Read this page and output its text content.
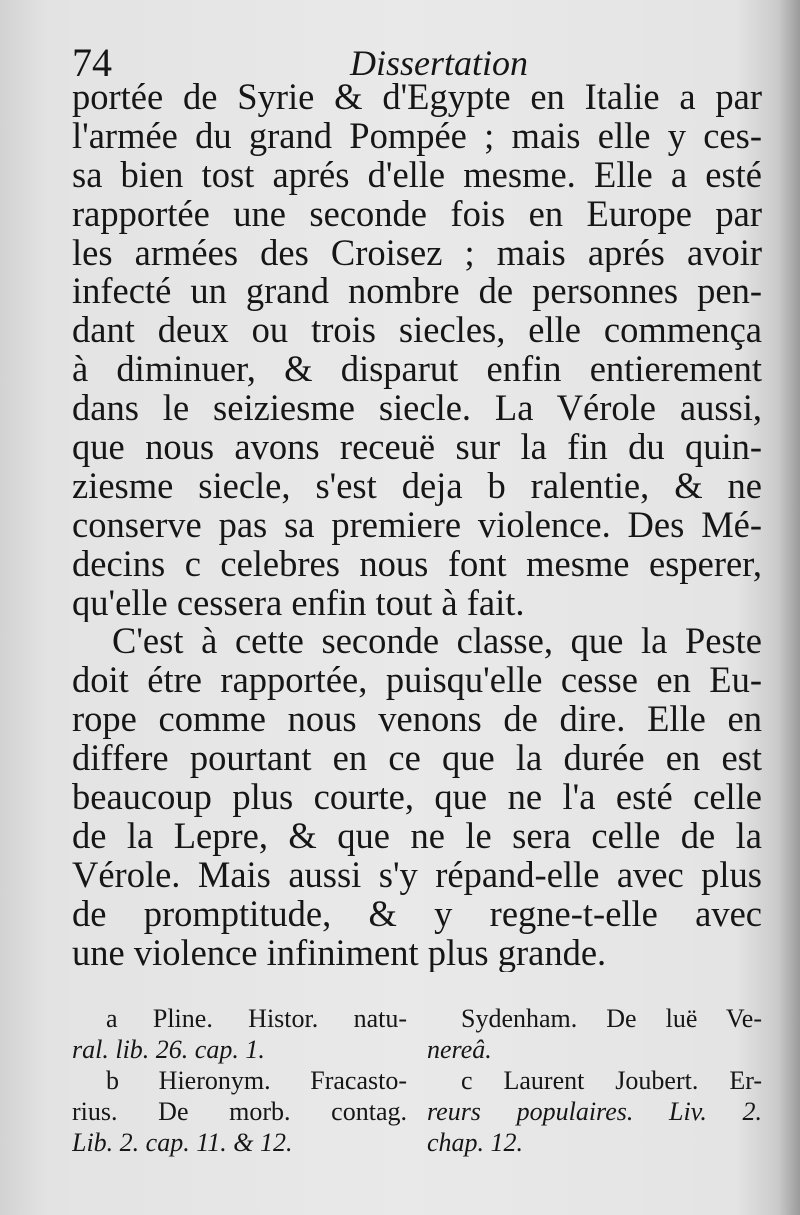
74	Dissertation
portée de Syrie & d'Egypte en Italie a par
l'armée du grand Pompée ; mais elle y ces-
sa bien tost aprés d'elle mesme. Elle a esté
rapportée une seconde fois en Europe par
les armées des Croisez ; mais aprés avoir
infecté un grand nombre de personnes pen-
dant deux ou trois siecles, elle commença
à diminuer, & disparut enfin entierement
dans le seiziesme siecle. La Vérole aussi,
que nous avons receuë sur la fin du quin-
ziesme siecle, s'est deja b ralentie, & ne
conserve pas sa premiere violence. Des Mé-
decins c celebres nous font mesme esperer,
qu'elle cessera enfin tout à fait.
C'est à cette seconde classe, que la Peste
doit étre rapportée, puisqu'elle cesse en Eu-
rope comme nous venons de dire. Elle en
differe pourtant en ce que la durée en est
beaucoup plus courte, que ne l'a esté celle
de la Lepre, & que ne le sera celle de la
Vérole. Mais aussi s'y répand-elle avec plus
de promptitude, & y regne-t-elle avec
une violence infiniment plus grande.
a Pline. Histor. natu-
ral. lib. 26. cap. 1.
b Hieronym. Fracasto-
rius. De morb. contag.
Lib. 2. cap. 11. & 12.
Sydenham. De luë Ve-
nereâ.
c Laurent Joubert. Er-
reurs populaires. Liv. 2.
chap. 12.
